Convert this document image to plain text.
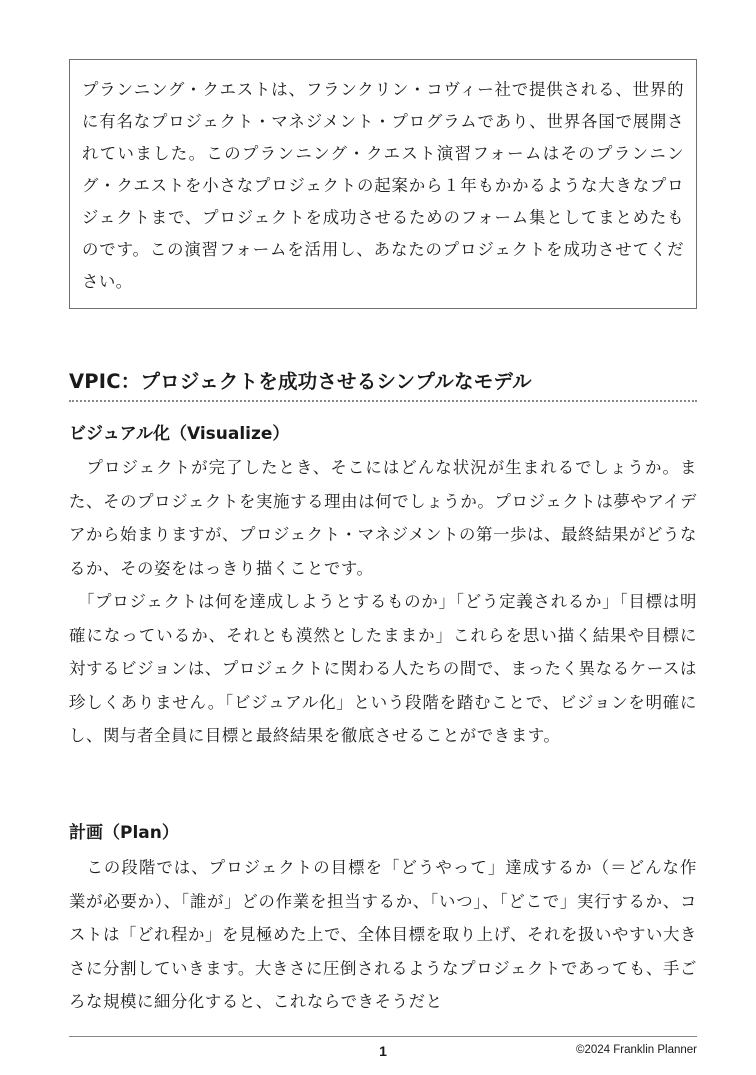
プランニング・クエストは、フランクリン・コヴィー社で提供される、世界的に有名なプロジェクト・マネジメント・プログラムであり、世界各国で展開されていました。このプランニング・クエスト演習フォームはそのプランニング・クエストを小さなプロジェクトの起案から１年もかかるような大きなプロジェクトまで、プロジェクトを成功させるためのフォーム集としてまとめたものです。この演習フォームを活用し、あなたのプロジェクトを成功させてください。
VPIC：プロジェクトを成功させるシンプルなモデル
ビジュアル化（Visualize）

　プロジェクトが完了したとき、そこにはどんな状況が生まれるでしょうか。また、そのプロジェクトを実施する理由は何でしょうか。プロジェクトは夢やアイデアから始まりますが、プロジェクト・マネジメントの第一歩は、最終結果がどうなるか、その姿をはっきり描くことです。

　「プロジェクトは何を達成しようとするものか」「どう定義されるか」「目標は明確になっているか、それとも漠然としたままか」これらを思い描く結果や目標に対するビジョンは、プロジェクトに関わる人たちの間で、まったく異なるケースは珍しくありません。「ビジュアル化」という段階を踏むことで、ビジョンを明確にし、関与者全員に目標と最終結果を徹底させることができます。

計画（Plan）

　この段階では、プロジェクトの目標を「どうやって」達成するか（＝どんな作業が必要か）、「誰が」どの作業を担当するか、「いつ」、「どこで」実行するか、コストは「どれ程か」を見極めた上で、全体目標を取り上げ、それを扱いやすい大きさに分割していきます。大きさに圧倒されるようなプロジェクトであっても、手ごろな規模に細分化すると、これならできそうだと

1	©2024 Franklin Planner
